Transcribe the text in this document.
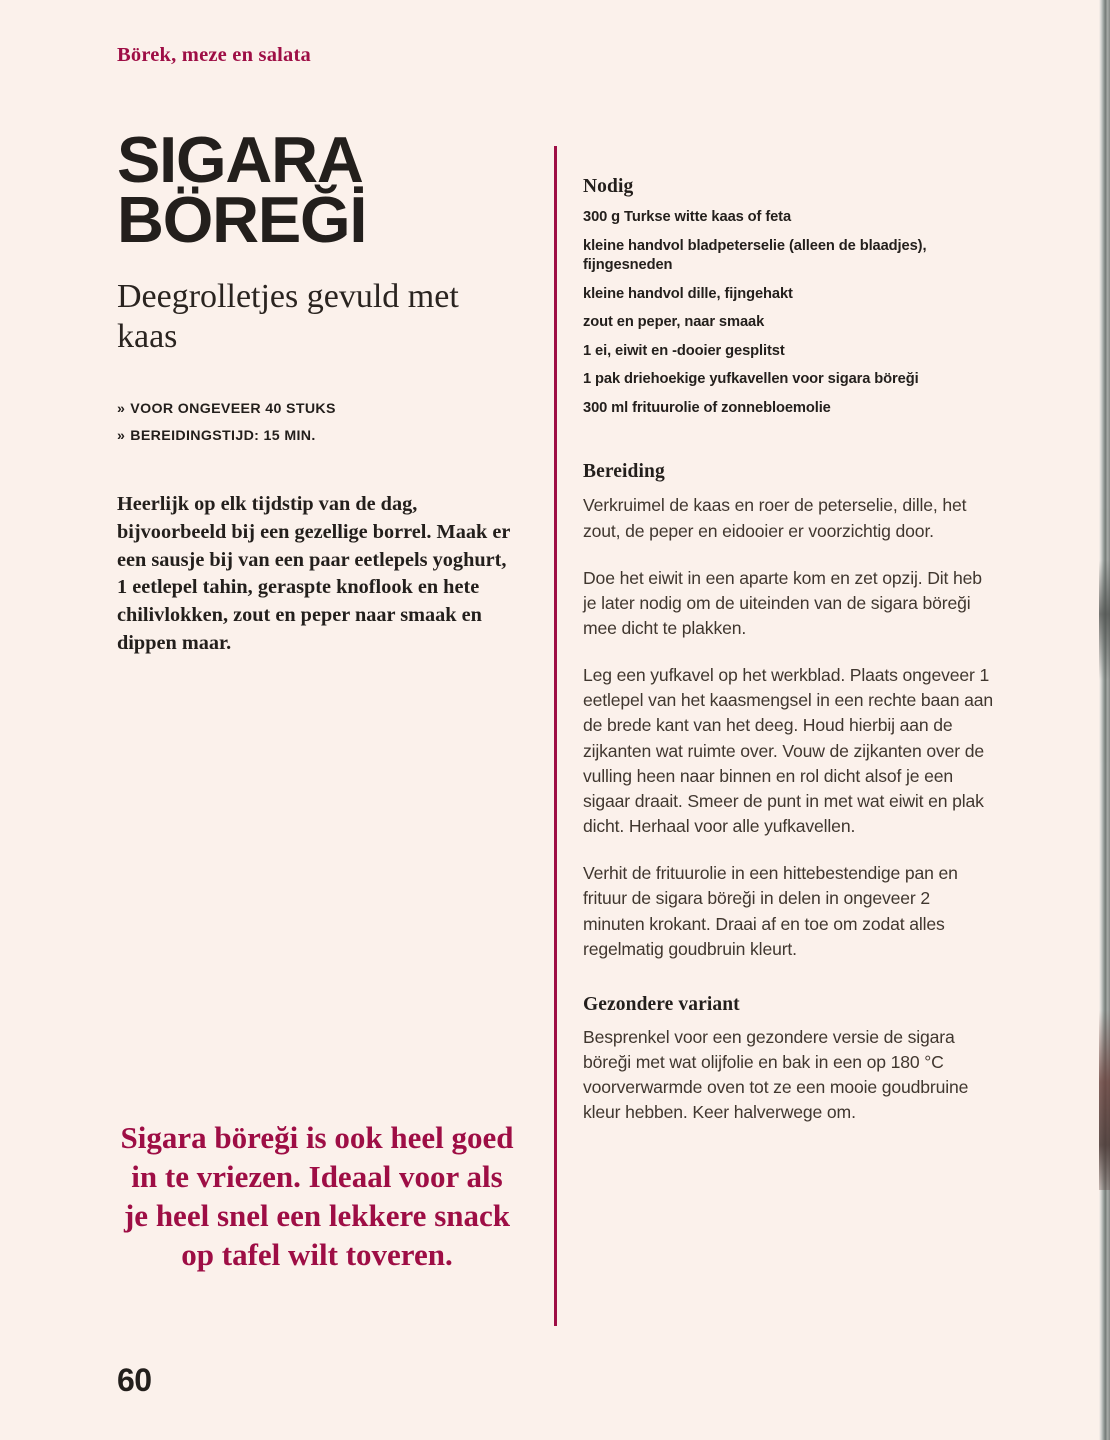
Börek, meze en salata
SIGARA
BÖREĞİ
Deegrolletjes gevuld met kaas
» VOOR ONGEVEER 40 STUKS
» BEREIDINGSTIJD: 15 MIN.

Heerlijk op elk tijdstip van de dag, bijvoorbeeld bij een gezellige borrel. Maak er een sausje bij van een paar eetlepels yoghurt, 1 eetlepel tahin, geraspte knoflook en hete chilivlokken, zout en peper naar smaak en dippen maar.

Sigara böreği is ook heel goed in te vriezen. Ideaal voor als je heel snel een lekkere snack op tafel wilt toveren.
60
Nodig
300 g Turkse witte kaas of feta
kleine handvol bladpeterselie (alleen de blaadjes), fijngesneden
kleine handvol dille, fijngehakt
zout en peper, naar smaak
1 ei, eiwit en -dooier gesplitst
1 pak driehoekige yufkavellen voor sigara böreği
300 ml frituurolie of zonnebloemolie
Bereiding

Verkruimel de kaas en roer de peterselie, dille, het zout, de peper en eidooier er voorzichtig door.

Doe het eiwit in een aparte kom en zet opzij. Dit heb je later nodig om de uiteinden van de sigara böreği mee dicht te plakken.

Leg een yufkavel op het werkblad. Plaats ongeveer 1 eetlepel van het kaasmengsel in een rechte baan aan de brede kant van het deeg. Houd hierbij aan de zijkanten wat ruimte over. Vouw de zijkanten over de vulling heen naar binnen en rol dicht alsof je een sigaar draait. Smeer de punt in met wat eiwit en plak dicht. Herhaal voor alle yufkavellen.

Verhit de frituurolie in een hittebestendige pan en frituur de sigara böreği in delen in ongeveer 2 minuten krokant. Draai af en toe om zodat alles regelmatig goudbruin kleurt.

Gezondere variant

Besprenkel voor een gezondere versie de sigara böreği met wat olijfolie en bak in een op 180 °C voorverwarmde oven tot ze een mooie goudbruine kleur hebben. Keer halverwege om.
